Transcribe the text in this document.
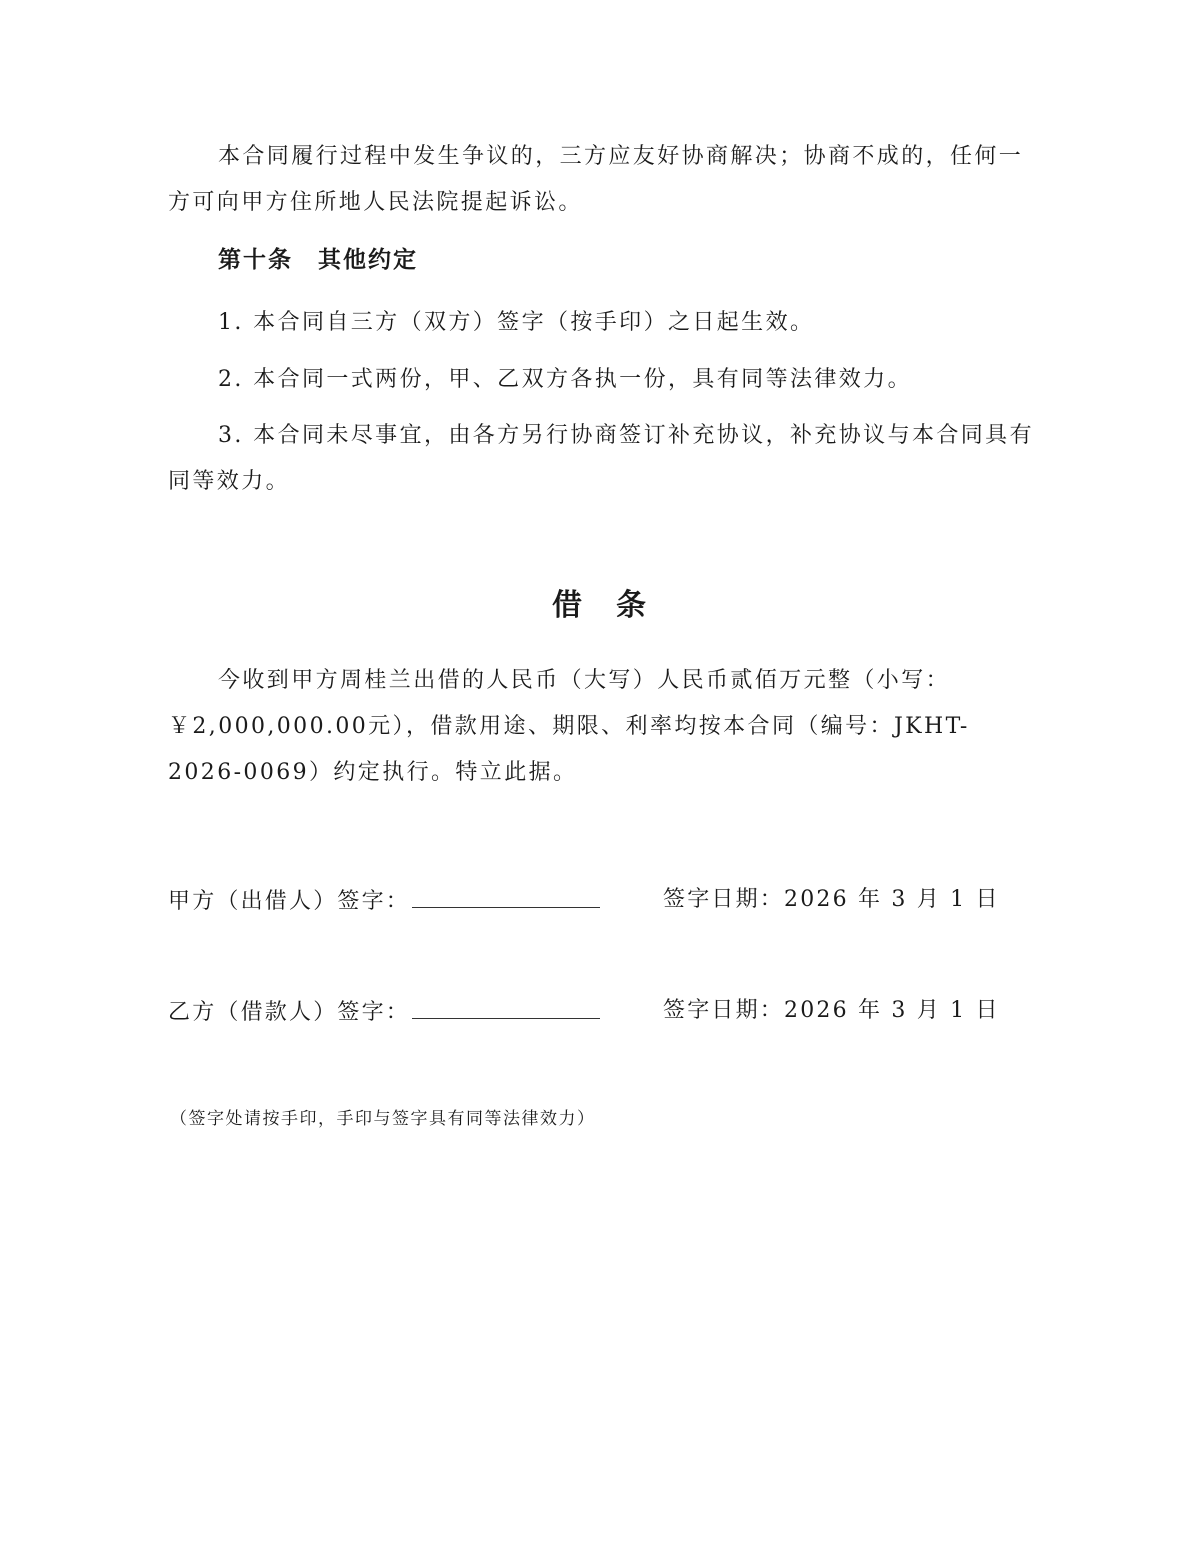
本合同履行过程中发生争议的，三方应友好协商解决；协商不成的，任何一方可向甲方住所地人民法院提起诉讼。

第十条　其他约定

1. 本合同自三方（双方）签字（按手印）之日起生效。

2. 本合同一式两份，甲、乙双方各执一份，具有同等法律效力。

3. 本合同未尽事宜，由各方另行协商签订补充协议，补充协议与本合同具有同等效力。

借　条

今收到甲方周桂兰出借的人民币（大写）人民币贰佰万元整（小写：￥2,000,000.00元），借款用途、期限、利率均按本合同（编号：JKHT-2026-0069）约定执行。特立此据。

甲方（出借人）签字：	签字日期：2026 年 3 月 1 日
乙方（借款人）签字：	签字日期：2026 年 3 月 1 日

（签字处请按手印，手印与签字具有同等法律效力）
